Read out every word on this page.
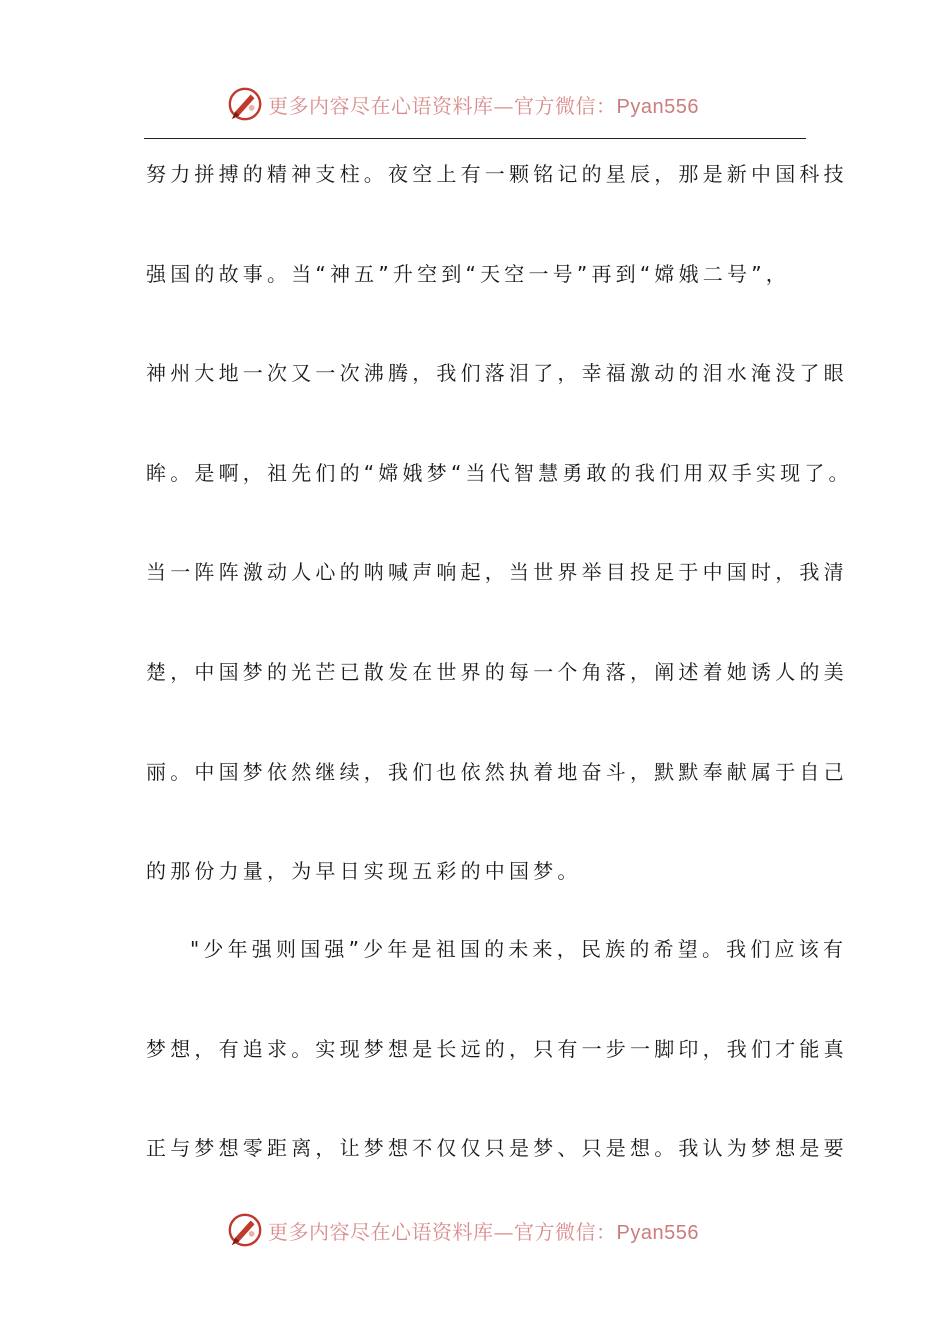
更多内容尽在心语资料库—官方微信：Pyan556
努力拼搏的精神支柱。夜空上有一颗铭记的星辰，那是新中国科技
强国的故事。当“神五”升空到“天空一号”再到“嫦娥二号”，
神州大地一次又一次沸腾，我们落泪了，幸福激动的泪水淹没了眼
眸。是啊，祖先们的“嫦娥梦“当代智慧勇敢的我们用双手实现了。
当一阵阵激动人心的呐喊声响起，当世界举目投足于中国时，我清
楚，中国梦的光芒已散发在世界的每一个角落，阐述着她诱人的美
丽。中国梦依然继续，我们也依然执着地奋斗，默默奉献属于自己
的那份力量，为早日实现五彩的中国梦。
"少年强则国强”少年是祖国的未来，民族的希望。我们应该有
梦想，有追求。实现梦想是长远的，只有一步一脚印，我们才能真
正与梦想零距离，让梦想不仅仅只是梦、只是想。我认为梦想是要
更多内容尽在心语资料库—官方微信：Pyan556
